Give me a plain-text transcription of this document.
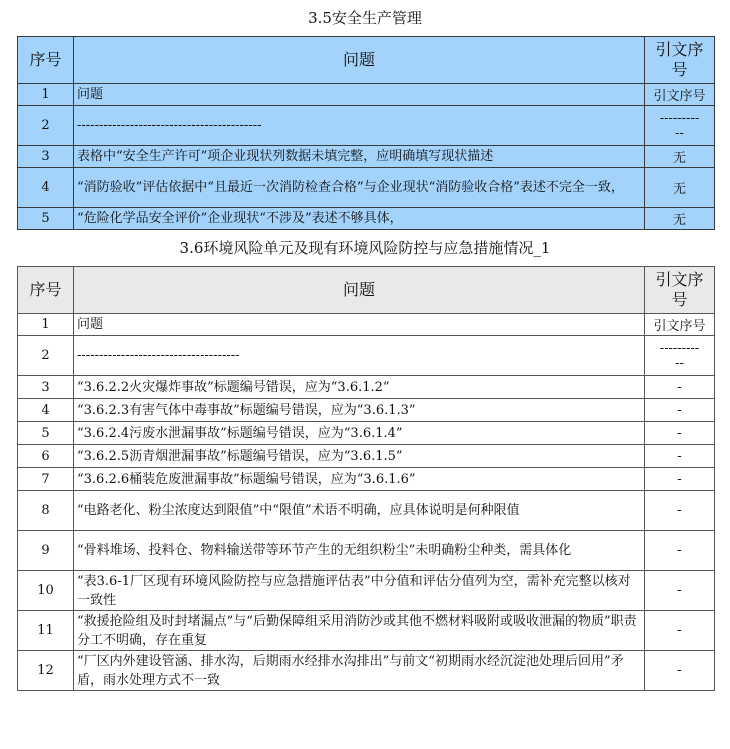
3.5安全生产管理
序号	问题	引文序号
1	问题	引文序号
2	------------------------------------------	---------
--
3	表格中“安全生产许可”项企业现状列数据未填完整，应明确填写现状描述	无
4	“消防验收”评估依据中“且最近一次消防检查合格”与企业现状“消防验收合格”表述不完全一致，	无
5	“危险化学品安全评价”企业现状“不涉及”表述不够具体，	无
3.6环境风险单元及现有环境风险防控与应急措施情况_1
序号	问题	引文序号
1	问题	引文序号
2	-------------------------------------	---------
--
3	“3.6.2.2火灾爆炸事故”标题编号错误，应为“3.6.1.2”	-
4	“3.6.2.3有害气体中毒事故”标题编号错误，应为“3.6.1.3”	-
5	“3.6.2.4污废水泄漏事故”标题编号错误，应为“3.6.1.4”	-
6	“3.6.2.5沥青烟泄漏事故”标题编号错误，应为“3.6.1.5”	-
7	“3.6.2.6桶装危废泄漏事故”标题编号错误，应为“3.6.1.6”	-
8	“电路老化、粉尘浓度达到限值”中“限值”术语不明确，应具体说明是何种限值	-
9	“骨料堆场、投料仓、物料输送带等环节产生的无组织粉尘”未明确粉尘种类，需具体化	-
10	“表3.6-1厂区现有环境风险防控与应急措施评估表”中分值和评估分值列为空，需补充完整以核对一致性	-
11	“救援抢险组及时封堵漏点”与“后勤保障组采用消防沙或其他不燃材料吸附或吸收泄漏的物质”职责分工不明确，存在重复	-
12	“厂区内外建设管涵、排水沟，后期雨水经排水沟排出”与前文“初期雨水经沉淀池处理后回用”矛盾，雨水处理方式不一致	-
